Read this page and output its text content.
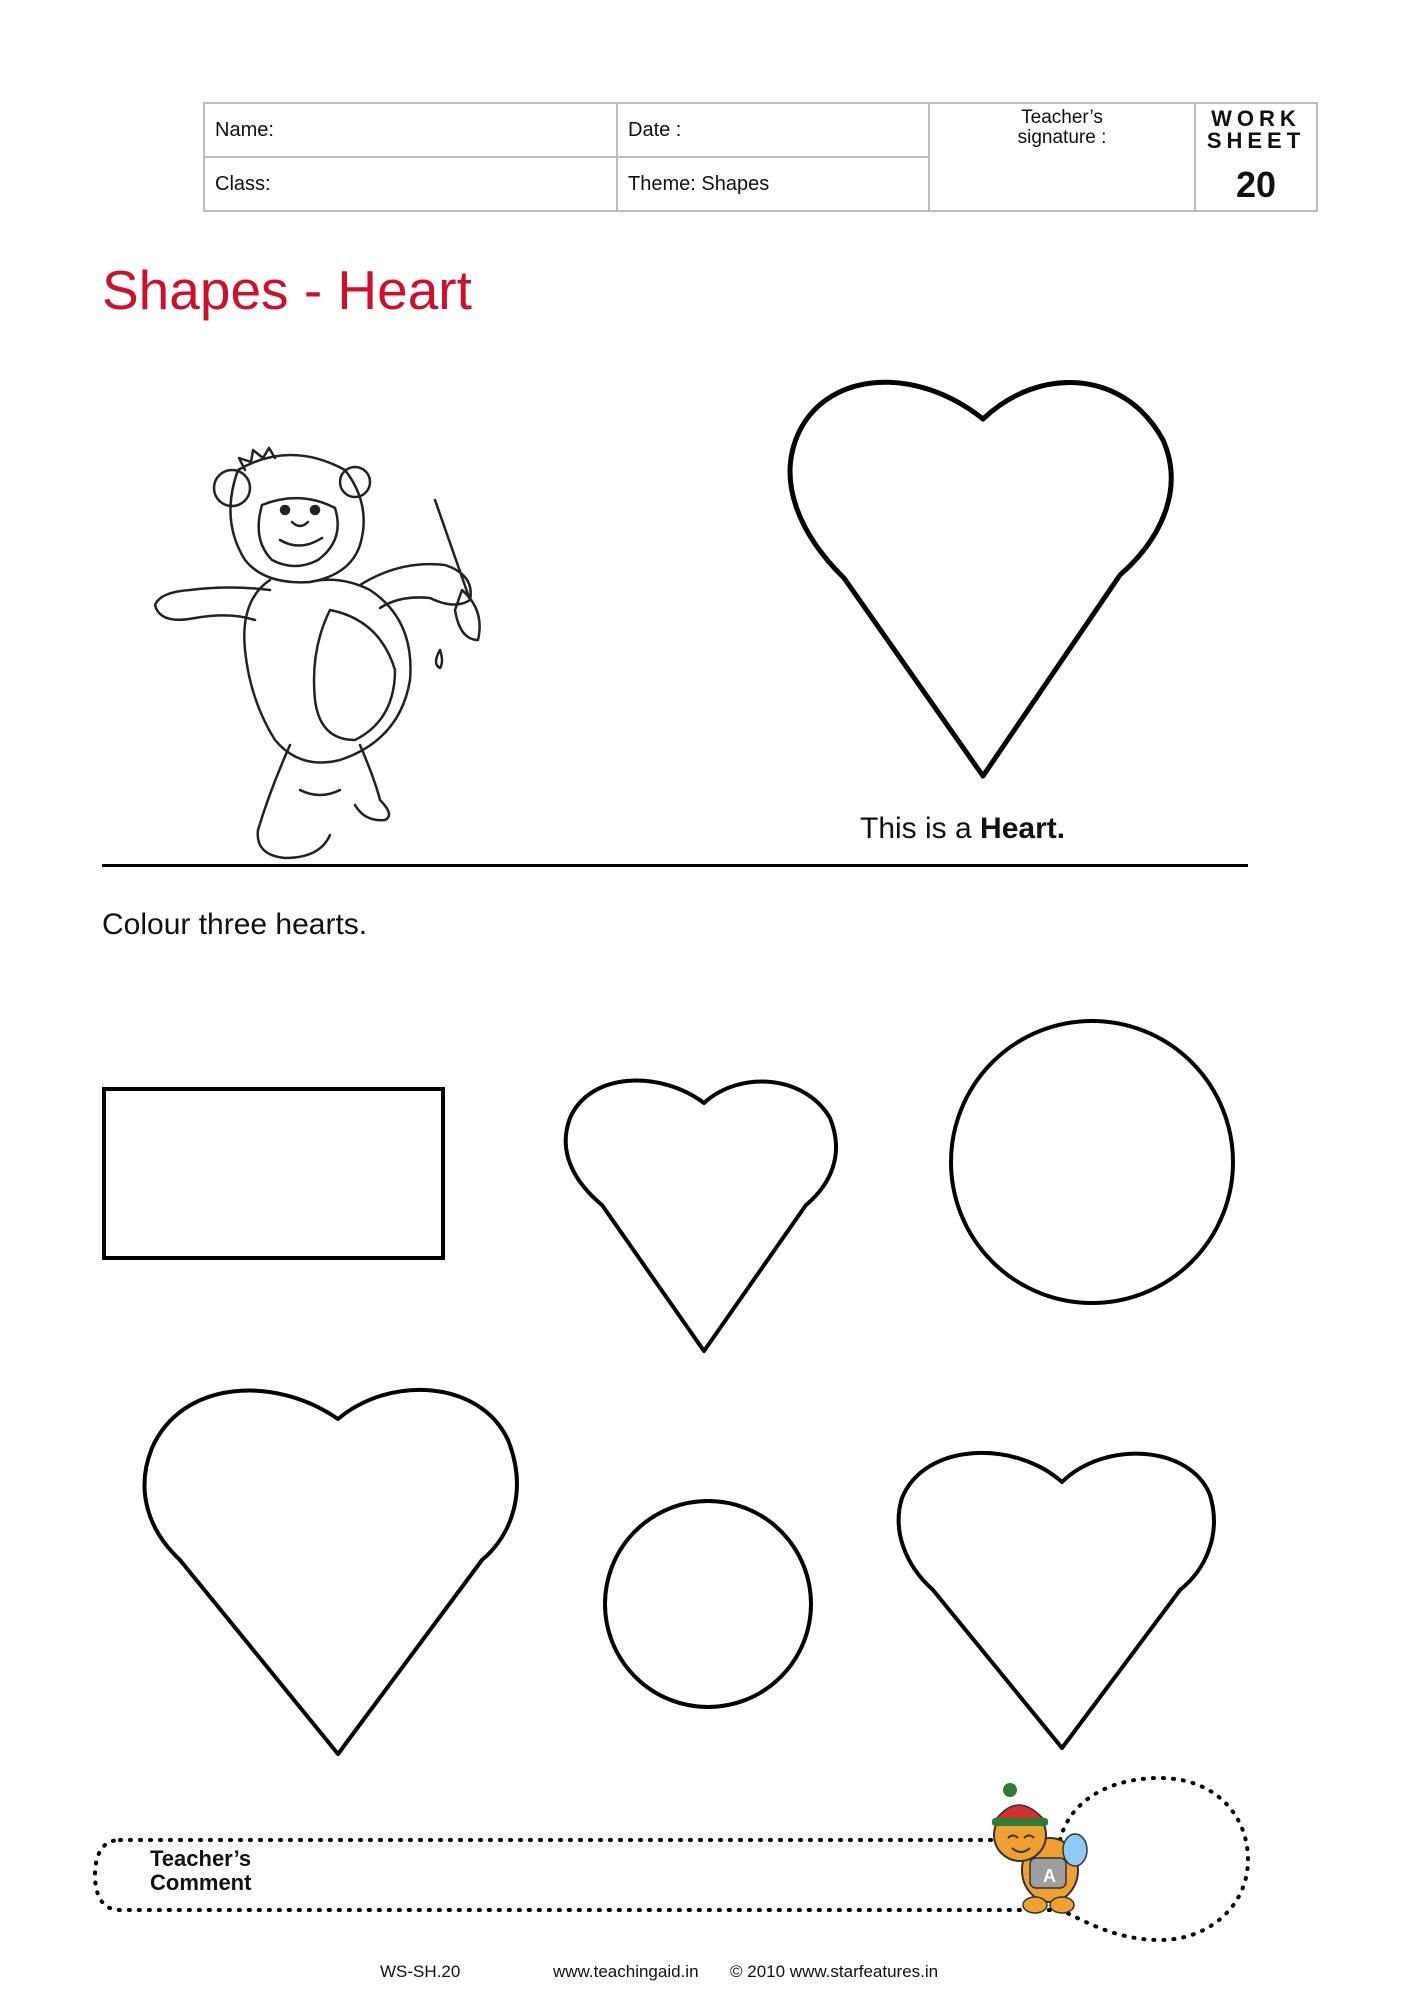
Name:	Date :
Class:	Theme: Shapes
Teacher’s
signature :
WORK
SHEET
20
Shapes - Heart
This is a Heart.
Colour three hearts.
A
Teacher’s
Comment
WS-SH.20	www.teachingaid.in © 2010 www.starfeatures.in
